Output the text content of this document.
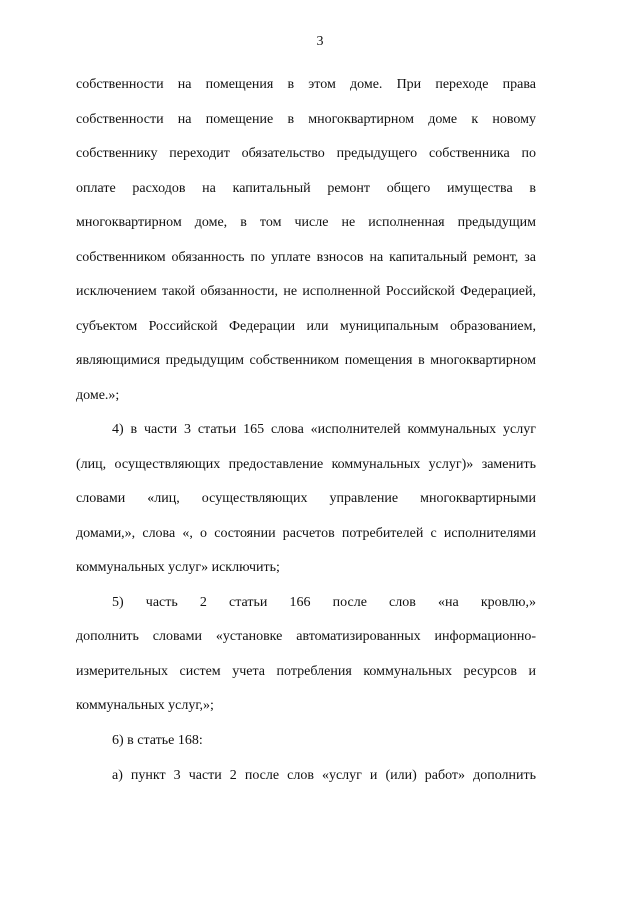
3
собственности на помещения в этом доме. При переходе права
собственности на помещение в многоквартирном доме к новому
собственнику переходит обязательство предыдущего собственника по
оплате расходов на капитальный ремонт общего имущества в
многоквартирном доме, в том числе не исполненная предыдущим
собственником обязанность по уплате взносов на капитальный ремонт, за
исключением такой обязанности, не исполненной Российской Федерацией,
субъектом Российской Федерации или муниципальным образованием,
являющимися предыдущим собственником помещения в многоквартирном
доме.»;
4) в части 3 статьи 165 слова «исполнителей коммунальных услуг
(лиц, осуществляющих предоставление коммунальных услуг)» заменить
словами «лиц, осуществляющих управление многоквартирными
домами,», слова «, о состоянии расчетов потребителей с исполнителями
коммунальных услуг» исключить;
5) часть 2 статьи 166 после слов «на кровлю,»
дополнить словами «установке автоматизированных информационно-
измерительных систем учета потребления коммунальных ресурсов и
коммунальных услуг,»;
6) в статье 168:
а) пункт 3 части 2 после слов «услуг и (или) работ» дополнить
